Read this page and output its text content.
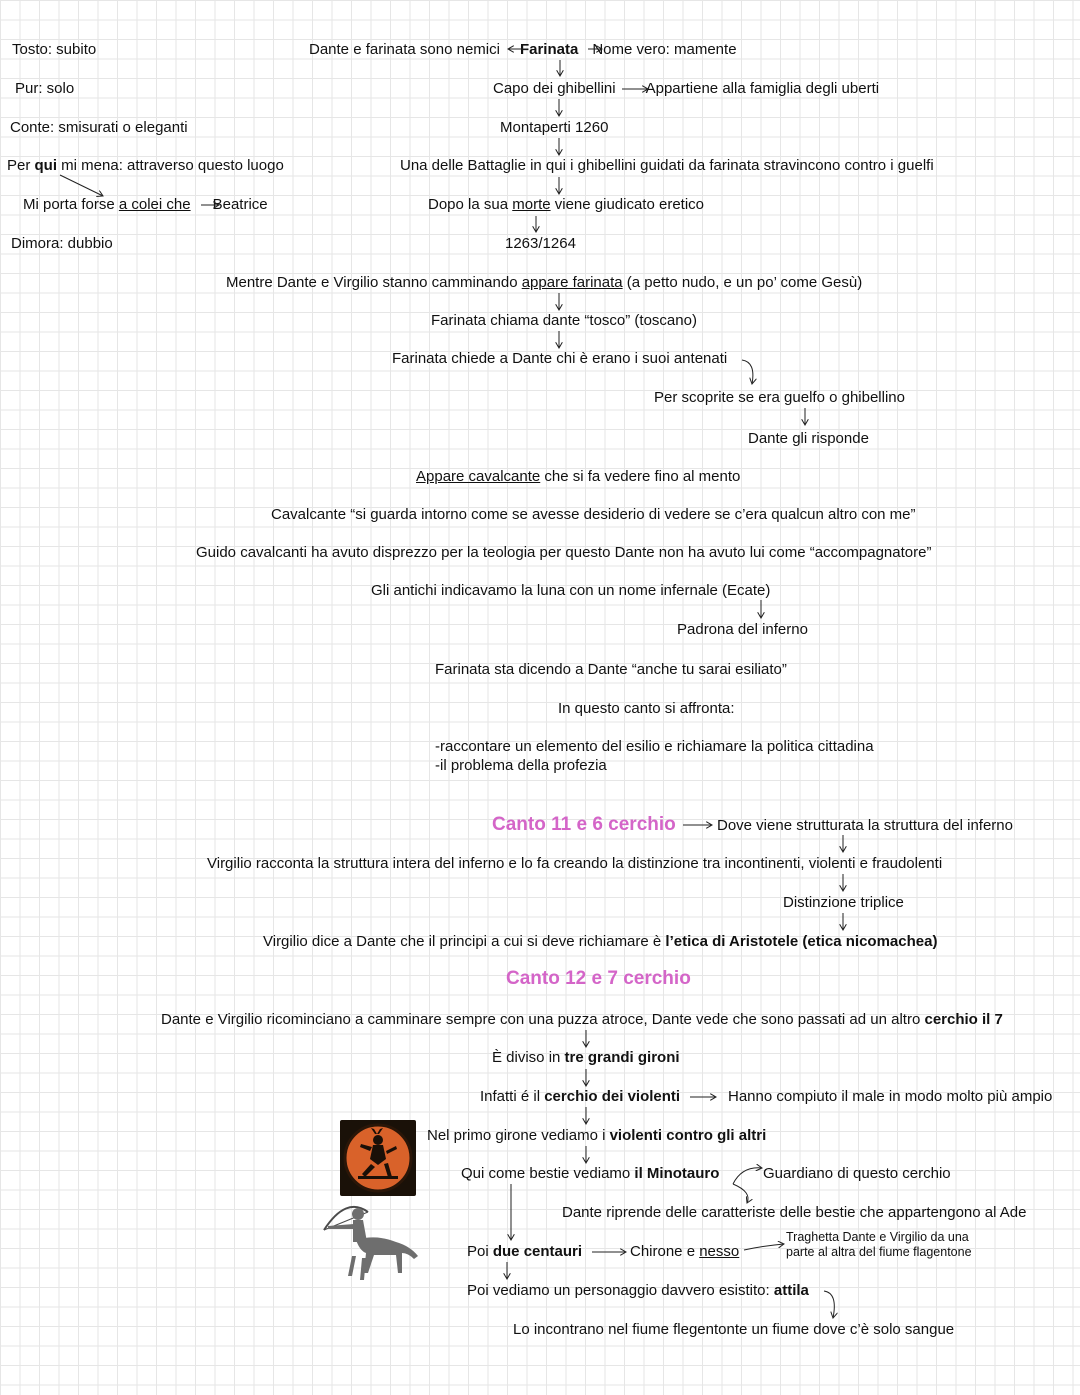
Tosto: subito
Pur: solo
Conte: smisurati o eleganti
Per qui mi mena: attraverso questo luogo
Mi porta forse a colei che Beatrice
Dimora: dubbio
Dante e farinata sono nemici Farinata Nome vero: mamente
Capo dei ghibellini Appartiene alla famiglia degli uberti
Montaperti 1260
Una delle Battaglie in qui i ghibellini guidati da farinata stravincono contro i guelfi
Dopo la sua morte viene giudicato eretico
1263/1264
Mentre Dante e Virgilio stanno camminando appare farinata (a petto nudo, e un po’ come Gesù)
Farinata chiama dante “tosco” (toscano)
Farinata chiede a Dante chi è erano i suoi antenati
Per scoprite se era guelfo o ghibellino
Dante gli risponde
Appare cavalcante che si fa vedere fino al mento
Cavalcante “si guarda intorno come se avesse desiderio di vedere se c’era qualcun altro con me”
Guido cavalcanti ha avuto disprezzo per la teologia per questo Dante non ha avuto lui come “accompagnatore”
Gli antichi indicavamo la luna con un nome infernale (Ecate)
Padrona del inferno
Farinata sta dicendo a Dante “anche tu sarai esiliato”
In questo canto si affronta:
-raccontare un elemento del esilio e richiamare la politica cittadina
-il problema della profezia
Canto 11 e 6 cerchio	Dove viene strutturata la struttura del inferno
Virgilio racconta la struttura intera del inferno e lo fa creando la distinzione tra incontinenti, violenti e fraudolenti
Distinzione triplice
Virgilio dice a Dante che il principi a cui si deve richiamare è l’etica di Aristotele (etica nicomachea)
Canto 12 e 7 cerchio
Dante e Virgilio ricominciano a camminare sempre con una puzza atroce, Dante vede che sono passati ad un altro cerchio il 7
È diviso in tre grandi gironi
Infatti é il cerchio dei violenti	Hanno compiuto il male in modo molto più ampio
Nel primo girone vediamo i violenti contro gli altri
Qui come bestie vediamo il Minotauro	Guardiano di questo cerchio
Dante riprende delle caratteriste delle bestie che appartengono al Ade
Poi due centauri	Chirone e nesso
Traghetta Dante e Virgilio da una
parte al altra del fiume flagentone
Poi vediamo un personaggio davvero esistito: attila
Lo incontrano nel fiume flegentonte un fiume dove c’è solo sangue
